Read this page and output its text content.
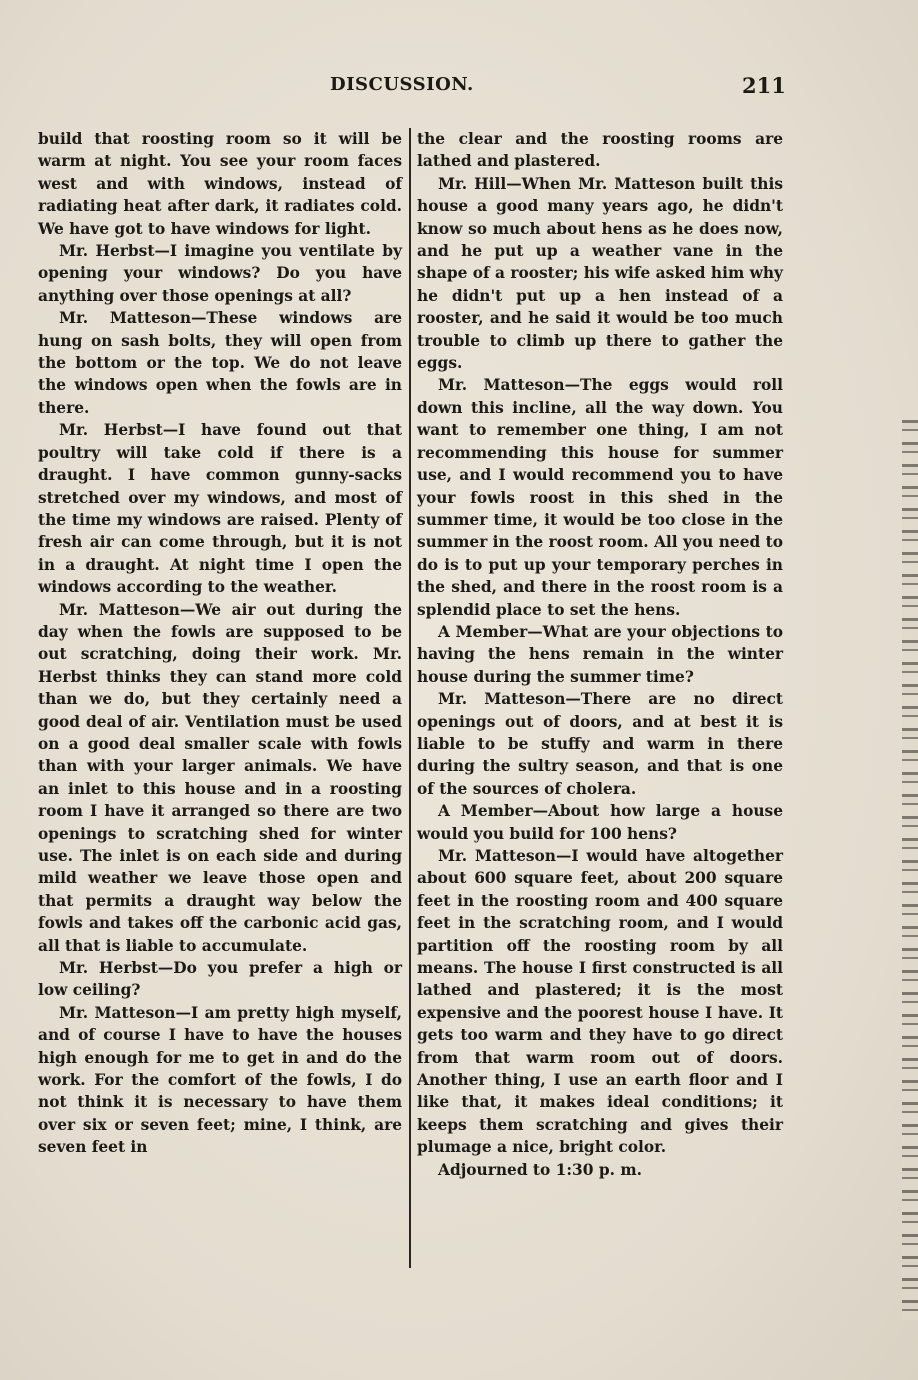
DISCUSSION.	211

build that roosting room so it will be warm at night. You see your room faces west and with windows, instead of radiating heat after dark, it radiates cold. We have got to have windows for light.

Mr. Herbst—I imagine you ventilate by opening your windows? Do you have anything over those openings at all?

Mr. Matteson—These windows are hung on sash bolts, they will open from the bottom or the top. We do not leave the windows open when the fowls are in there.

Mr. Herbst—I have found out that poultry will take cold if there is a draught. I have common gunny-sacks stretched over my windows, and most of the time my windows are raised. Plenty of fresh air can come through, but it is not in a draught. At night time I open the windows according to the weather.

Mr. Matteson—We air out during the day when the fowls are supposed to be out scratching, doing their work. Mr. Herbst thinks they can stand more cold than we do, but they certainly need a good deal of air. Ventilation must be used on a good deal smaller scale with fowls than with your larger animals. We have an inlet to this house and in a roosting room I have it arranged so there are two openings to scratching shed for winter use. The inlet is on each side and during mild weather we leave those open and that permits a draught way below the fowls and takes off the carbonic acid gas, all that is liable to accumulate.

Mr. Herbst—Do you prefer a high or low ceiling?

Mr. Matteson—I am pretty high myself, and of course I have to have the houses high enough for me to get in and do the work. For the comfort of the fowls, I do not think it is necessary to have them over six or seven feet; mine, I think, are seven feet in

the clear and the roosting rooms are lathed and plastered.

Mr. Hill—When Mr. Matteson built this house a good many years ago, he didn't know so much about hens as he does now, and he put up a weather vane in the shape of a rooster; his wife asked him why he didn't put up a hen instead of a rooster, and he said it would be too much trouble to climb up there to gather the eggs.

Mr. Matteson—The eggs would roll down this incline, all the way down. You want to remember one thing, I am not recommending this house for summer use, and I would recommend you to have your fowls roost in this shed in the summer time, it would be too close in the summer in the roost room. All you need to do is to put up your temporary perches in the shed, and there in the roost room is a splendid place to set the hens.

A Member—What are your objections to having the hens remain in the winter house during the summer time?

Mr. Matteson—There are no direct openings out of doors, and at best it is liable to be stuffy and warm in there during the sultry season, and that is one of the sources of cholera.

A Member—About how large a house would you build for 100 hens?

Mr. Matteson—I would have altogether about 600 square feet, about 200 square feet in the roosting room and 400 square feet in the scratching room, and I would partition off the roosting room by all means. The house I first constructed is all lathed and plastered; it is the most expensive and the poorest house I have. It gets too warm and they have to go direct from that warm room out of doors. Another thing, I use an earth floor and I like that, it makes ideal conditions; it keeps them scratching and gives their plumage a nice, bright color.

Adjourned to 1:30 p. m.
